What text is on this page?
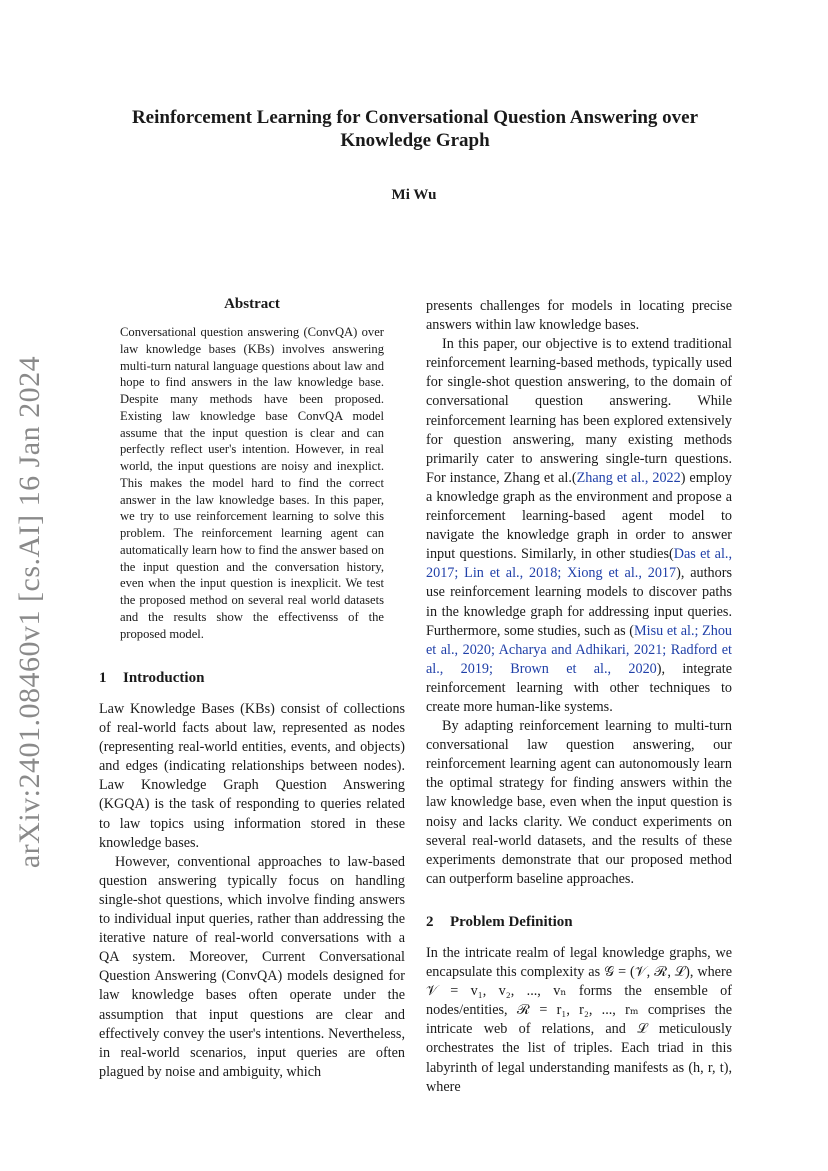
arXiv:2401.08460v1 [cs.AI] 16 Jan 2024
Reinforcement Learning for Conversational Question Answering over Knowledge Graph
Mi Wu
Abstract
Conversational question answering (ConvQA) over law knowledge bases (KBs) involves answering multi-turn natural language questions about law and hope to find answers in the law knowledge base. Despite many methods have been proposed. Existing law knowledge base ConvQA model assume that the input question is clear and can perfectly reflect user's intention. However, in real world, the input questions are noisy and inexplict. This makes the model hard to find the correct answer in the law knowledge bases. In this paper, we try to use reinforcement learning to solve this problem. The reinforcement learning agent can automatically learn how to find the answer based on the input question and the conversation history, even when the input question is inexplicit. We test the proposed method on several real world datasets and the results show the effectivenss of the proposed model.
1 Introduction

Law Knowledge Bases (KBs) consist of collections of real-world facts about law, represented as nodes (representing real-world entities, events, and objects) and edges (indicating relationships between nodes). Law Knowledge Graph Question Answering (KGQA) is the task of responding to queries related to law topics using information stored in these knowledge bases.

However, conventional approaches to law-based question answering typically focus on handling single-shot questions, which involve finding answers to individual input queries, rather than addressing the iterative nature of real-world conversations with a QA system. Moreover, Current Conversational Question Answering (ConvQA) models designed for law knowledge bases often operate under the assumption that input questions are clear and effectively convey the user's intentions. Nevertheless, in real-world scenarios, input queries are often plagued by noise and ambiguity, which

presents challenges for models in locating precise answers within law knowledge bases.

In this paper, our objective is to extend traditional reinforcement learning-based methods, typically used for single-shot question answering, to the domain of conversational question answering. While reinforcement learning has been explored extensively for question answering, many existing methods primarily cater to answering single-turn questions. For instance, Zhang et al.(Zhang et al., 2022) employ a knowledge graph as the environment and propose a reinforcement learning-based agent model to navigate the knowledge graph in order to answer input questions. Similarly, in other studies(Das et al., 2017; Lin et al., 2018; Xiong et al., 2017), authors use reinforcement learning models to discover paths in the knowledge graph for addressing input queries. Furthermore, some studies, such as (Misu et al.; Zhou et al., 2020; Acharya and Adhikari, 2021; Radford et al., 2019; Brown et al., 2020), integrate reinforcement learning with other techniques to create more human-like systems.

By adapting reinforcement learning to multi-turn conversational law question answering, our reinforcement learning agent can autonomously learn the optimal strategy for finding answers within the law knowledge base, even when the input question is noisy and lacks clarity. We conduct experiments on several real-world datasets, and the results of these experiments demonstrate that our proposed method can outperform baseline approaches.

2 Problem Definition

In the intricate realm of legal knowledge graphs, we encapsulate this complexity as 𝒢 = (𝒱, ℛ, ℒ), where 𝒱 = v₁, v₂, ..., vₙ forms the ensemble of nodes/entities, ℛ = r₁, r₂, ..., rₘ comprises the intricate web of relations, and ℒ meticulously orchestrates the list of triples. Each triad in this labyrinth of legal understanding manifests as (h, r, t), where
